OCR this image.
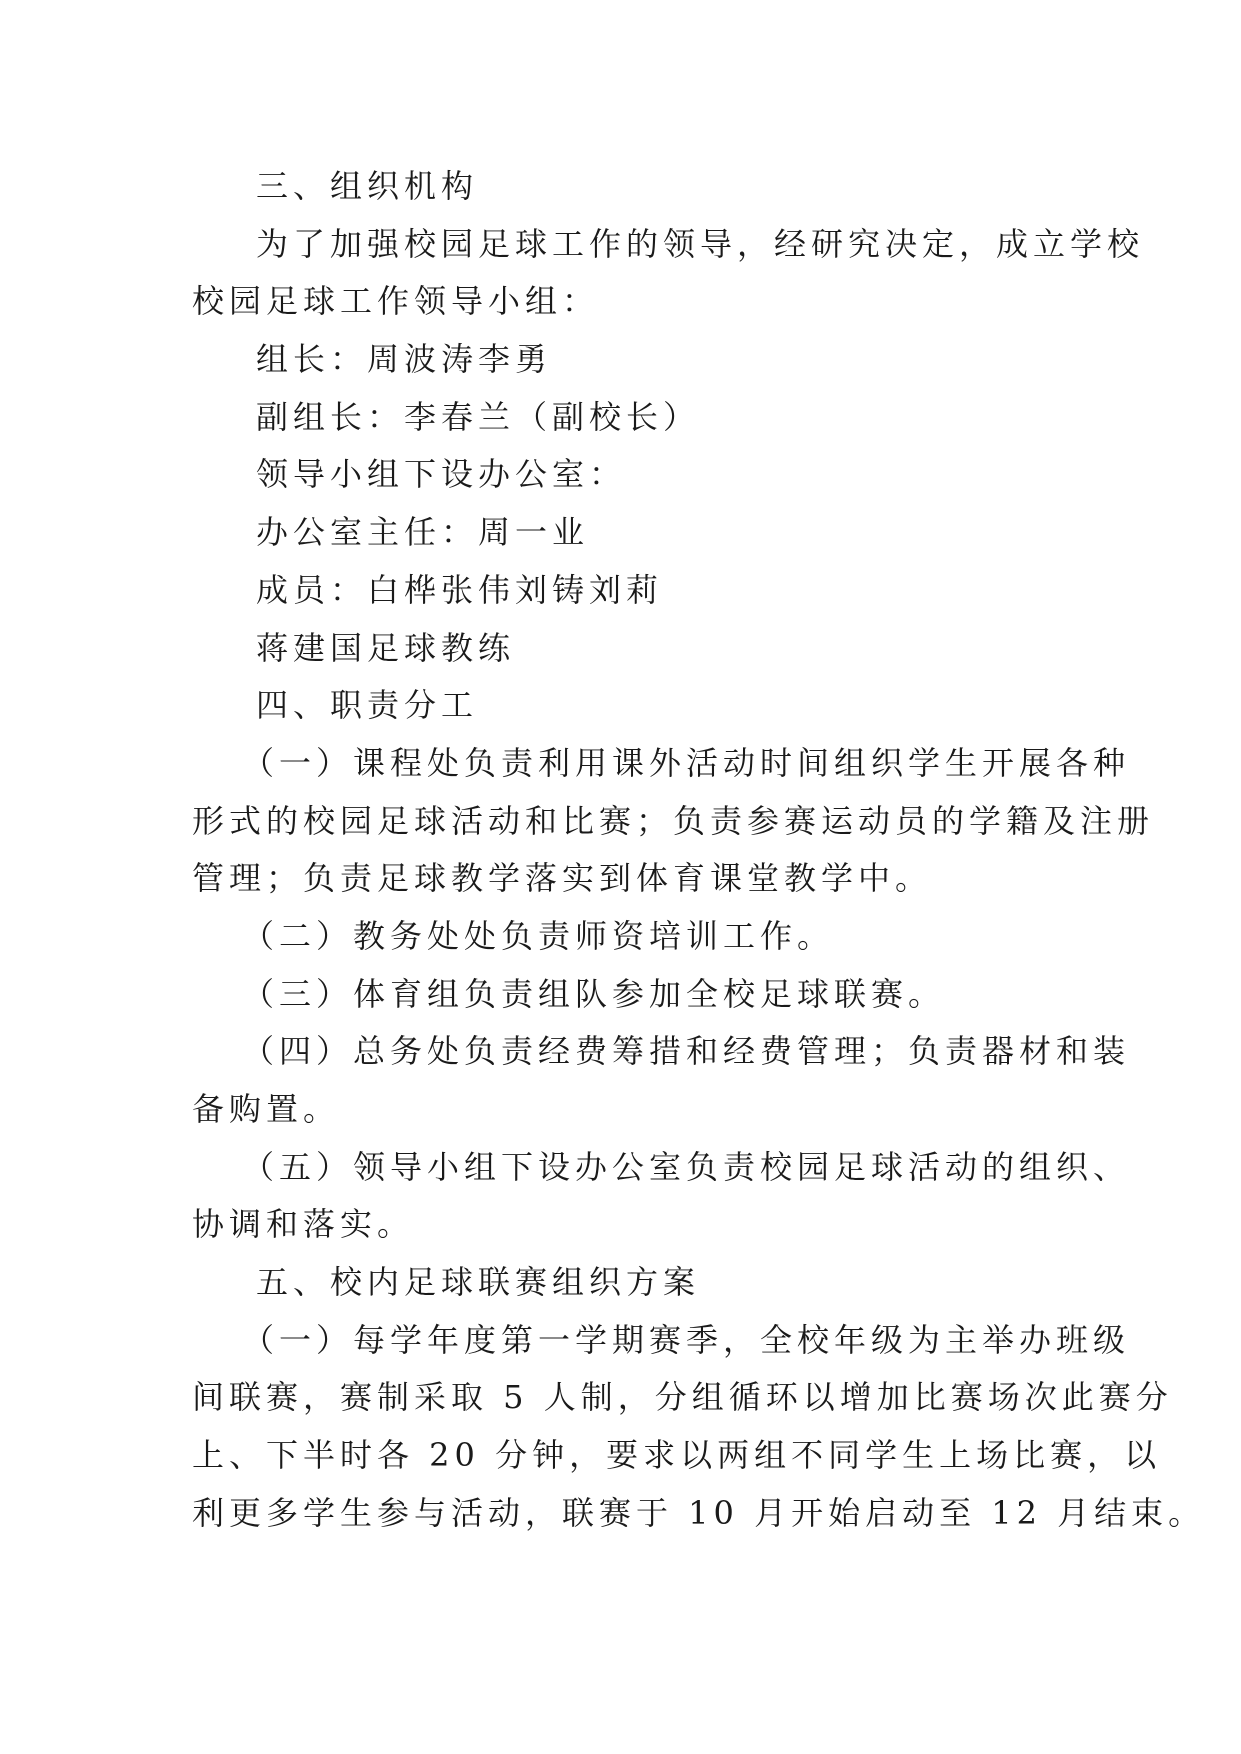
三、组织机构
为了加强校园足球工作的领导，经研究决定，成立学校
校园足球工作领导小组：
组长：周波涛李勇
副组长：李春兰（副校长）
领导小组下设办公室：
办公室主任：周一业
成员：白桦张伟刘铸刘莉
蒋建国足球教练
四、职责分工
（一）课程处负责利用课外活动时间组织学生开展各种
形式的校园足球活动和比赛；负责参赛运动员的学籍及注册
管理；负责足球教学落实到体育课堂教学中。
（二）教务处处负责师资培训工作。
（三）体育组负责组队参加全校足球联赛。
（四）总务处负责经费筹措和经费管理；负责器材和装
备购置。
（五）领导小组下设办公室负责校园足球活动的组织、
协调和落实。
五、校内足球联赛组织方案
（一）每学年度第一学期赛季，全校年级为主举办班级
间联赛，赛制采取 5 人制，分组循环以增加比赛场次此赛分
上、下半时各 20 分钟，要求以两组不同学生上场比赛，以
利更多学生参与活动，联赛于 10 月开始启动至 12 月结束。
